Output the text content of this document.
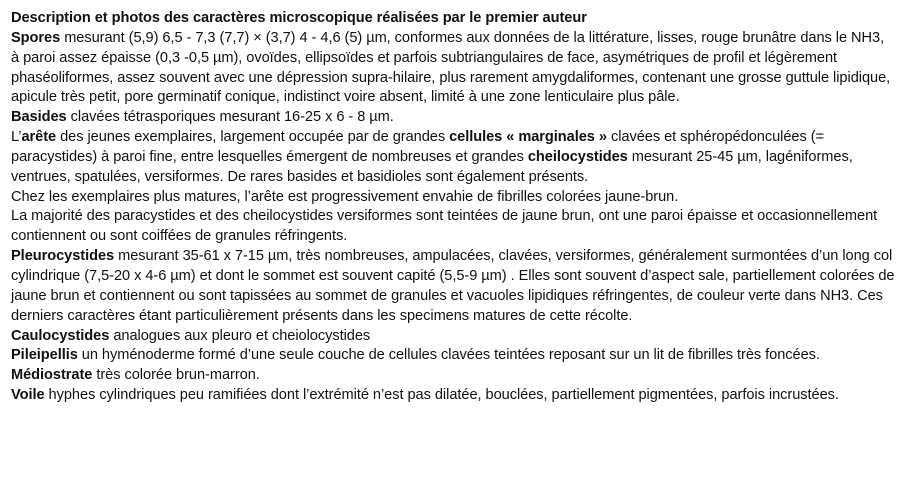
Description et photos des caractères microscopique réalisées par le premier auteur

Spores mesurant (5,9) 6,5 - 7,3 (7,7) × (3,7) 4 - 4,6 (5) µm, conformes aux données de la littérature, lisses, rouge brunâtre dans le NH3, à paroi assez épaisse (0,3 -0,5 µm), ovoïdes, ellipsoïdes et parfois subtriangulaires de face, asymétriques de profil et légèrement phaséoliformes, assez souvent avec une dépression supra-hilaire, plus rarement amygdaliformes, contenant une grosse guttule lipidique, apicule très petit, pore germinatif conique, indistinct voire absent, limité à une zone lenticulaire plus pâle.

Basides clavées tétrasporiques mesurant 16-25 x 6 - 8 µm.

L’arête des jeunes exemplaires, largement occupée par de grandes cellules « marginales » clavées et sphéropédonculées (= paracystides) à paroi fine, entre lesquelles émergent de nombreuses et grandes cheilocystides mesurant 25-45 µm, lagéniformes, ventrues, spatulées, versiformes. De rares basides et basidioles sont également présents.

Chez les exemplaires plus matures, l’arête est progressivement envahie de fibrilles colorées jaune-brun.

La majorité des paracystides et des cheilocystides versiformes sont teintées de jaune brun, ont une paroi épaisse et occasionnellement contiennent ou sont coiffées de granules réfringents.

Pleurocystides mesurant 35-61 x 7-15 µm, très nombreuses, ampulacées, clavées, versiformes, généralement surmontées d’un long col cylindrique (7,5-20 x 4-6 µm) et dont le sommet est souvent capité (5,5-9 µm) . Elles sont souvent d’aspect sale, partiellement colorées de jaune brun et contiennent ou sont tapissées au sommet de granules et vacuoles lipidiques réfringentes, de couleur verte dans NH3. Ces derniers caractères étant particulièrement présents dans les specimens matures de cette récolte.

Caulocystides analogues aux pleuro et cheiolocystides

Pileipellis un hyménoderme formé d’une seule couche de cellules clavées teintées reposant sur un lit de fibrilles très foncées.

Médiostrate très colorée brun-marron.

Voile hyphes cylindriques peu ramifiées dont l’extrémité n’est pas dilatée, bouclées, partiellement pigmentées, parfois incrustées.
